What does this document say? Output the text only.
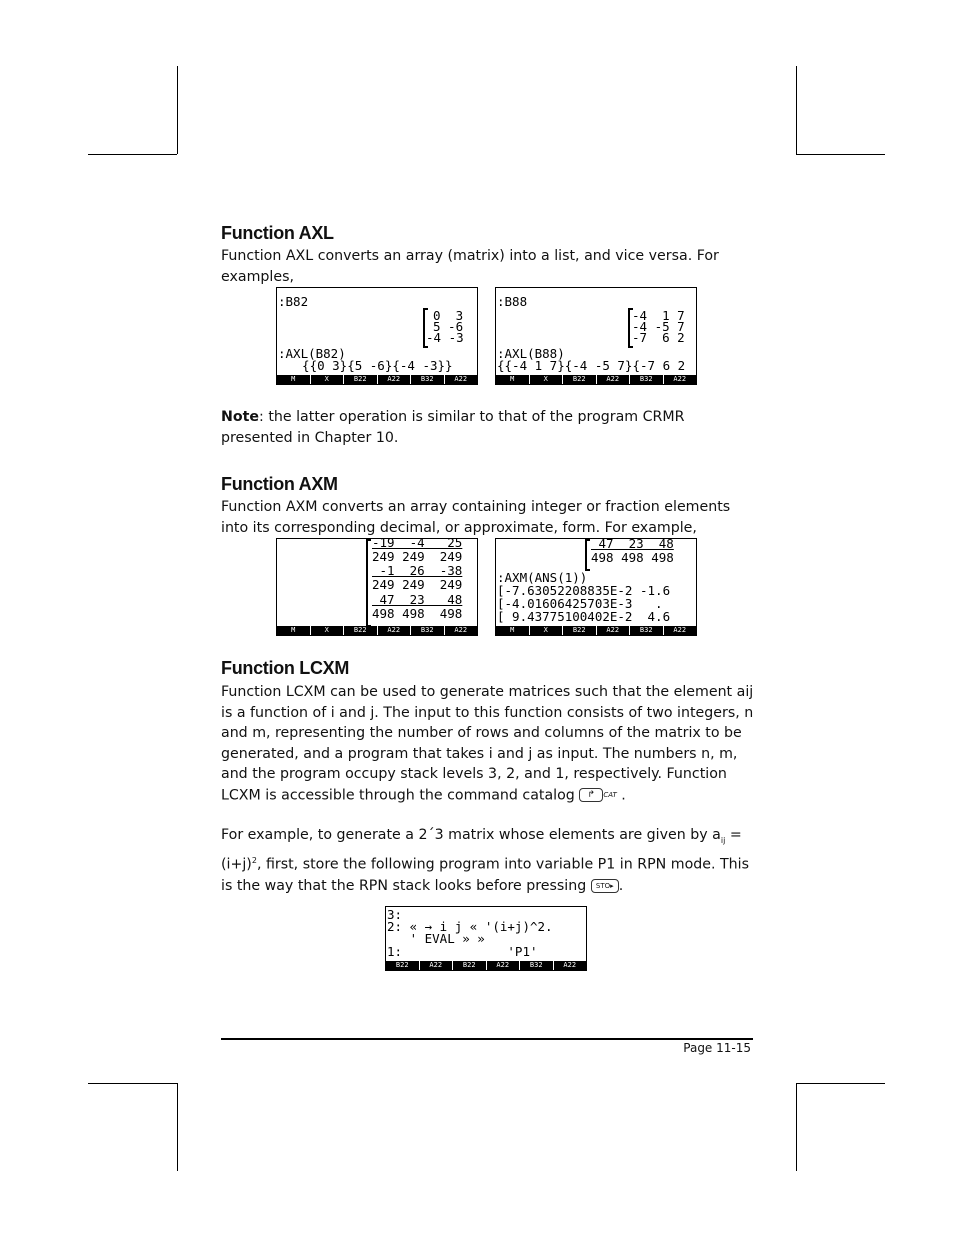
Function AXL

Function AXL converts an array (matrix) into a list, and vice versa. For examples,

:B82
0  3
5 -6
-4 -3
:AXL(B82)
{{0 3}{5 -6}{-4 -3}}
M	X	B22	A22	B32	A22
:B88
-4  1 7
-4 -5 7
-7  6 2
:AXL(B88)
{{-4 1 7}{-4 -5 7}{-7 6 2
M	X	B22	A22	B32	A22

Note: the latter operation is similar to that of the program CRMR presented in Chapter 10.

Function AXM

Function AXM converts an array containing integer or fraction elements into its corresponding decimal, or approximate, form. For example,

-19  -4   25
249 249  249
-1  26  -38
249 249  249
47  23   48
498 498  498
M	X	B22	A22	B32	A22
47  23  48
498 498 498
:AXM(ANS(1))
[-7.63052208835E-2 -1.6
[-4.01606425703E-3   .
[ 9.43775100402E-2  4.6
M	X	B22	A22	B32	A22
Function LCXM

Function LCXM can be used to generate matrices such that the element aij is a function of i and j. The input to this function consists of two integers, n and m, representing the number of rows and columns of the matrix to be generated, and a program that takes i and j as input. The numbers n, m, and the program occupy stack levels 3, 2, and 1, respectively. Function LCXM is accessible through the command catalog ↱ CAT .

For example, to generate a 2´3 matrix whose elements are given by $a_{ij} = (i+j)^2$, first, store the following program into variable P1 in RPN mode. This is the way that the RPN stack looks before pressing STO▸ .

3:
2: « → i j « '(i+j)^2.
' EVAL » »
1:              'P1'
B22	A22	B22	A22	B32	A22
Page 11-15
